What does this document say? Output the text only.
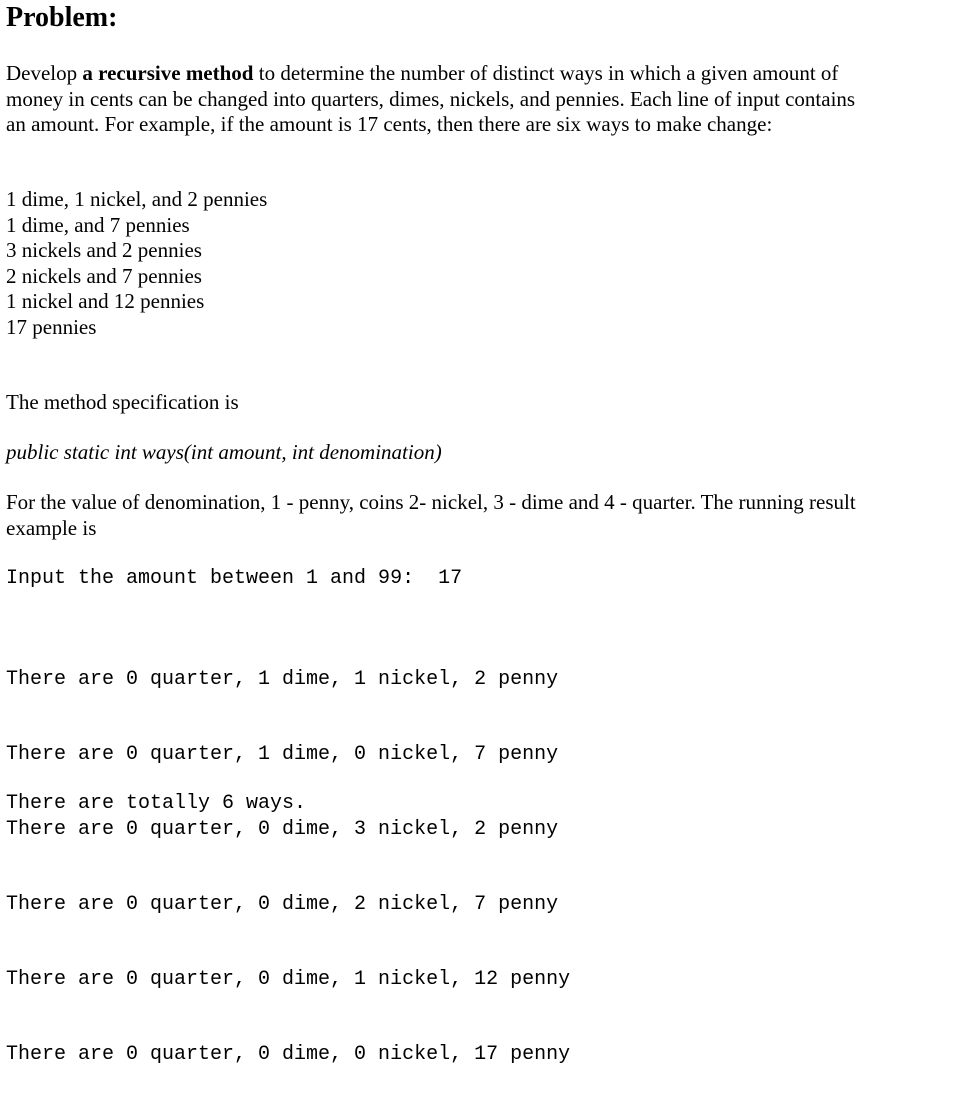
Problem:

Develop a recursive method to determine the number of distinct ways in which a given amount of money in cents can be changed into quarters, dimes, nickels, and pennies. Each line of input contains an amount. For example, if the amount is 17 cents, then there are six ways to make change:

1 dime, 1 nickel, and 2 pennies
1 dime, and 7 pennies
3 nickels and 2 pennies
2 nickels and 7 pennies
1 nickel and 12 pennies
17 pennies

The method specification is

public static int ways(int amount, int denomination)

For the value of denomination, 1 - penny, coins 2- nickel, 3 - dime and 4 - quarter. The running result example is

Input the amount between 1 and 99:  17

There are 0 quarter, 1 dime, 1 nickel, 2 penny

There are 0 quarter, 1 dime, 0 nickel, 7 penny

There are 0 quarter, 0 dime, 3 nickel, 2 penny

There are 0 quarter, 0 dime, 2 nickel, 7 penny

There are 0 quarter, 0 dime, 1 nickel, 12 penny

There are 0 quarter, 0 dime, 0 nickel, 17 penny

There are totally 6 ways.
